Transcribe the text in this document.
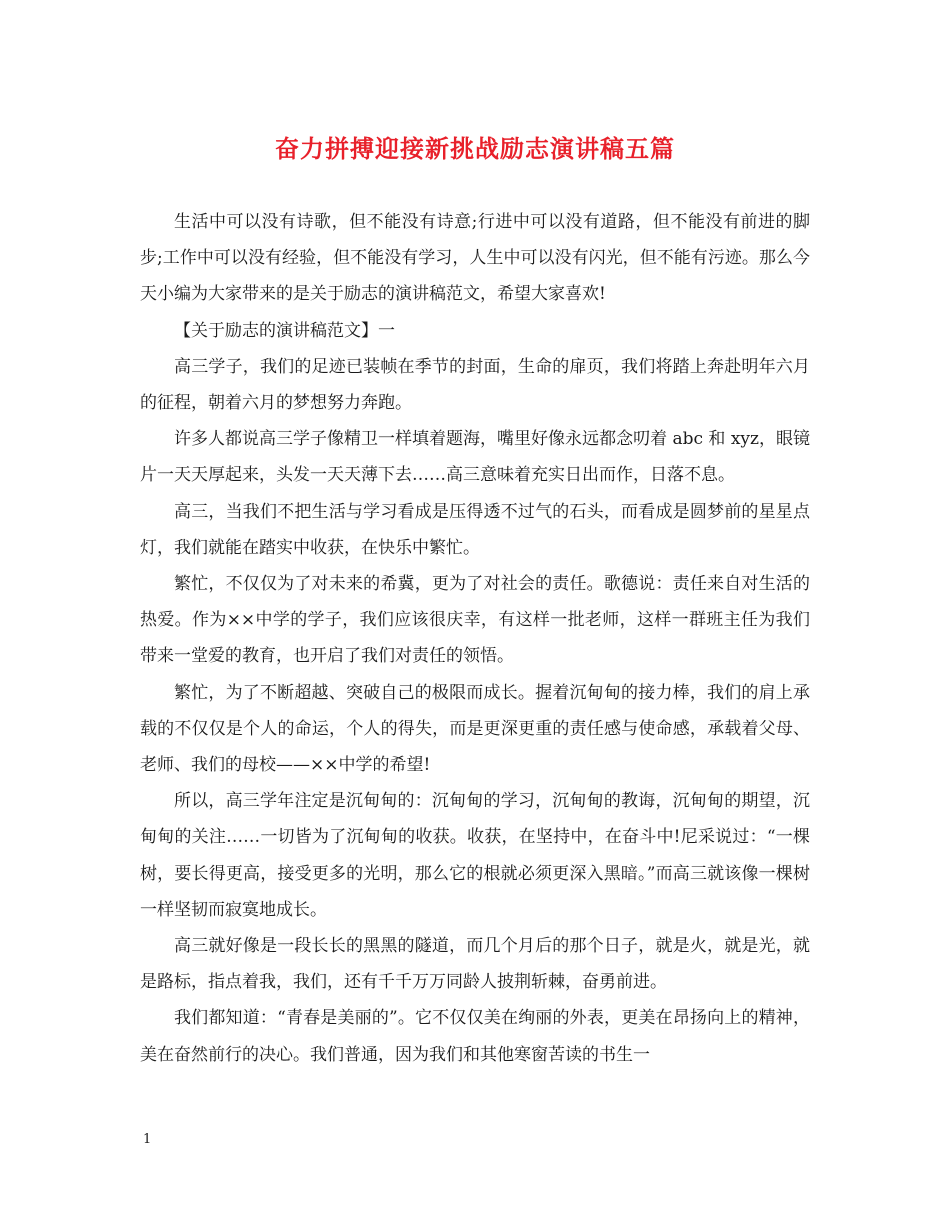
奋力拼搏迎接新挑战励志演讲稿五篇

生活中可以没有诗歌，但不能没有诗意;行进中可以没有道路，但不能没有前进的脚步;工作中可以没有经验，但不能没有学习，人生中可以没有闪光，但不能有污迹。那么今天小编为大家带来的是关于励志的演讲稿范文，希望大家喜欢!

【关于励志的演讲稿范文】一

高三学子，我们的足迹已装帧在季节的封面，生命的扉页，我们将踏上奔赴明年六月的征程，朝着六月的梦想努力奔跑。

许多人都说高三学子像精卫一样填着题海，嘴里好像永远都念叨着 abc 和 xyz，眼镜片一天天厚起来，头发一天天薄下去……高三意味着充实日出而作，日落不息。

高三，当我们不把生活与学习看成是压得透不过气的石头，而看成是圆梦前的星星点灯，我们就能在踏实中收获，在快乐中繁忙。

繁忙，不仅仅为了对未来的希冀，更为了对社会的责任。歌德说：责任来自对生活的热爱。作为××中学的学子，我们应该很庆幸，有这样一批老师，这样一群班主任为我们带来一堂爱的教育，也开启了我们对责任的领悟。

繁忙，为了不断超越、突破自己的极限而成长。握着沉甸甸的接力棒，我们的肩上承载的不仅仅是个人的命运，个人的得失，而是更深更重的责任感与使命感，承载着父母、老师、我们的母校——××中学的希望!

所以，高三学年注定是沉甸甸的：沉甸甸的学习，沉甸甸的教诲，沉甸甸的期望，沉甸甸的关注……一切皆为了沉甸甸的收获。收获，在坚持中，在奋斗中!尼采说过：“一棵树，要长得更高，接受更多的光明，那么它的根就必须更深入黑暗。”而高三就该像一棵树一样坚韧而寂寞地成长。

高三就好像是一段长长的黑黑的隧道，而几个月后的那个日子，就是火，就是光，就是路标，指点着我，我们，还有千千万万同龄人披荆斩棘，奋勇前进。

我们都知道：“青春是美丽的”。它不仅仅美在绚丽的外表，更美在昂扬向上的精神，美在奋然前行的决心。我们普通，因为我们和其他寒窗苦读的书生一

1
